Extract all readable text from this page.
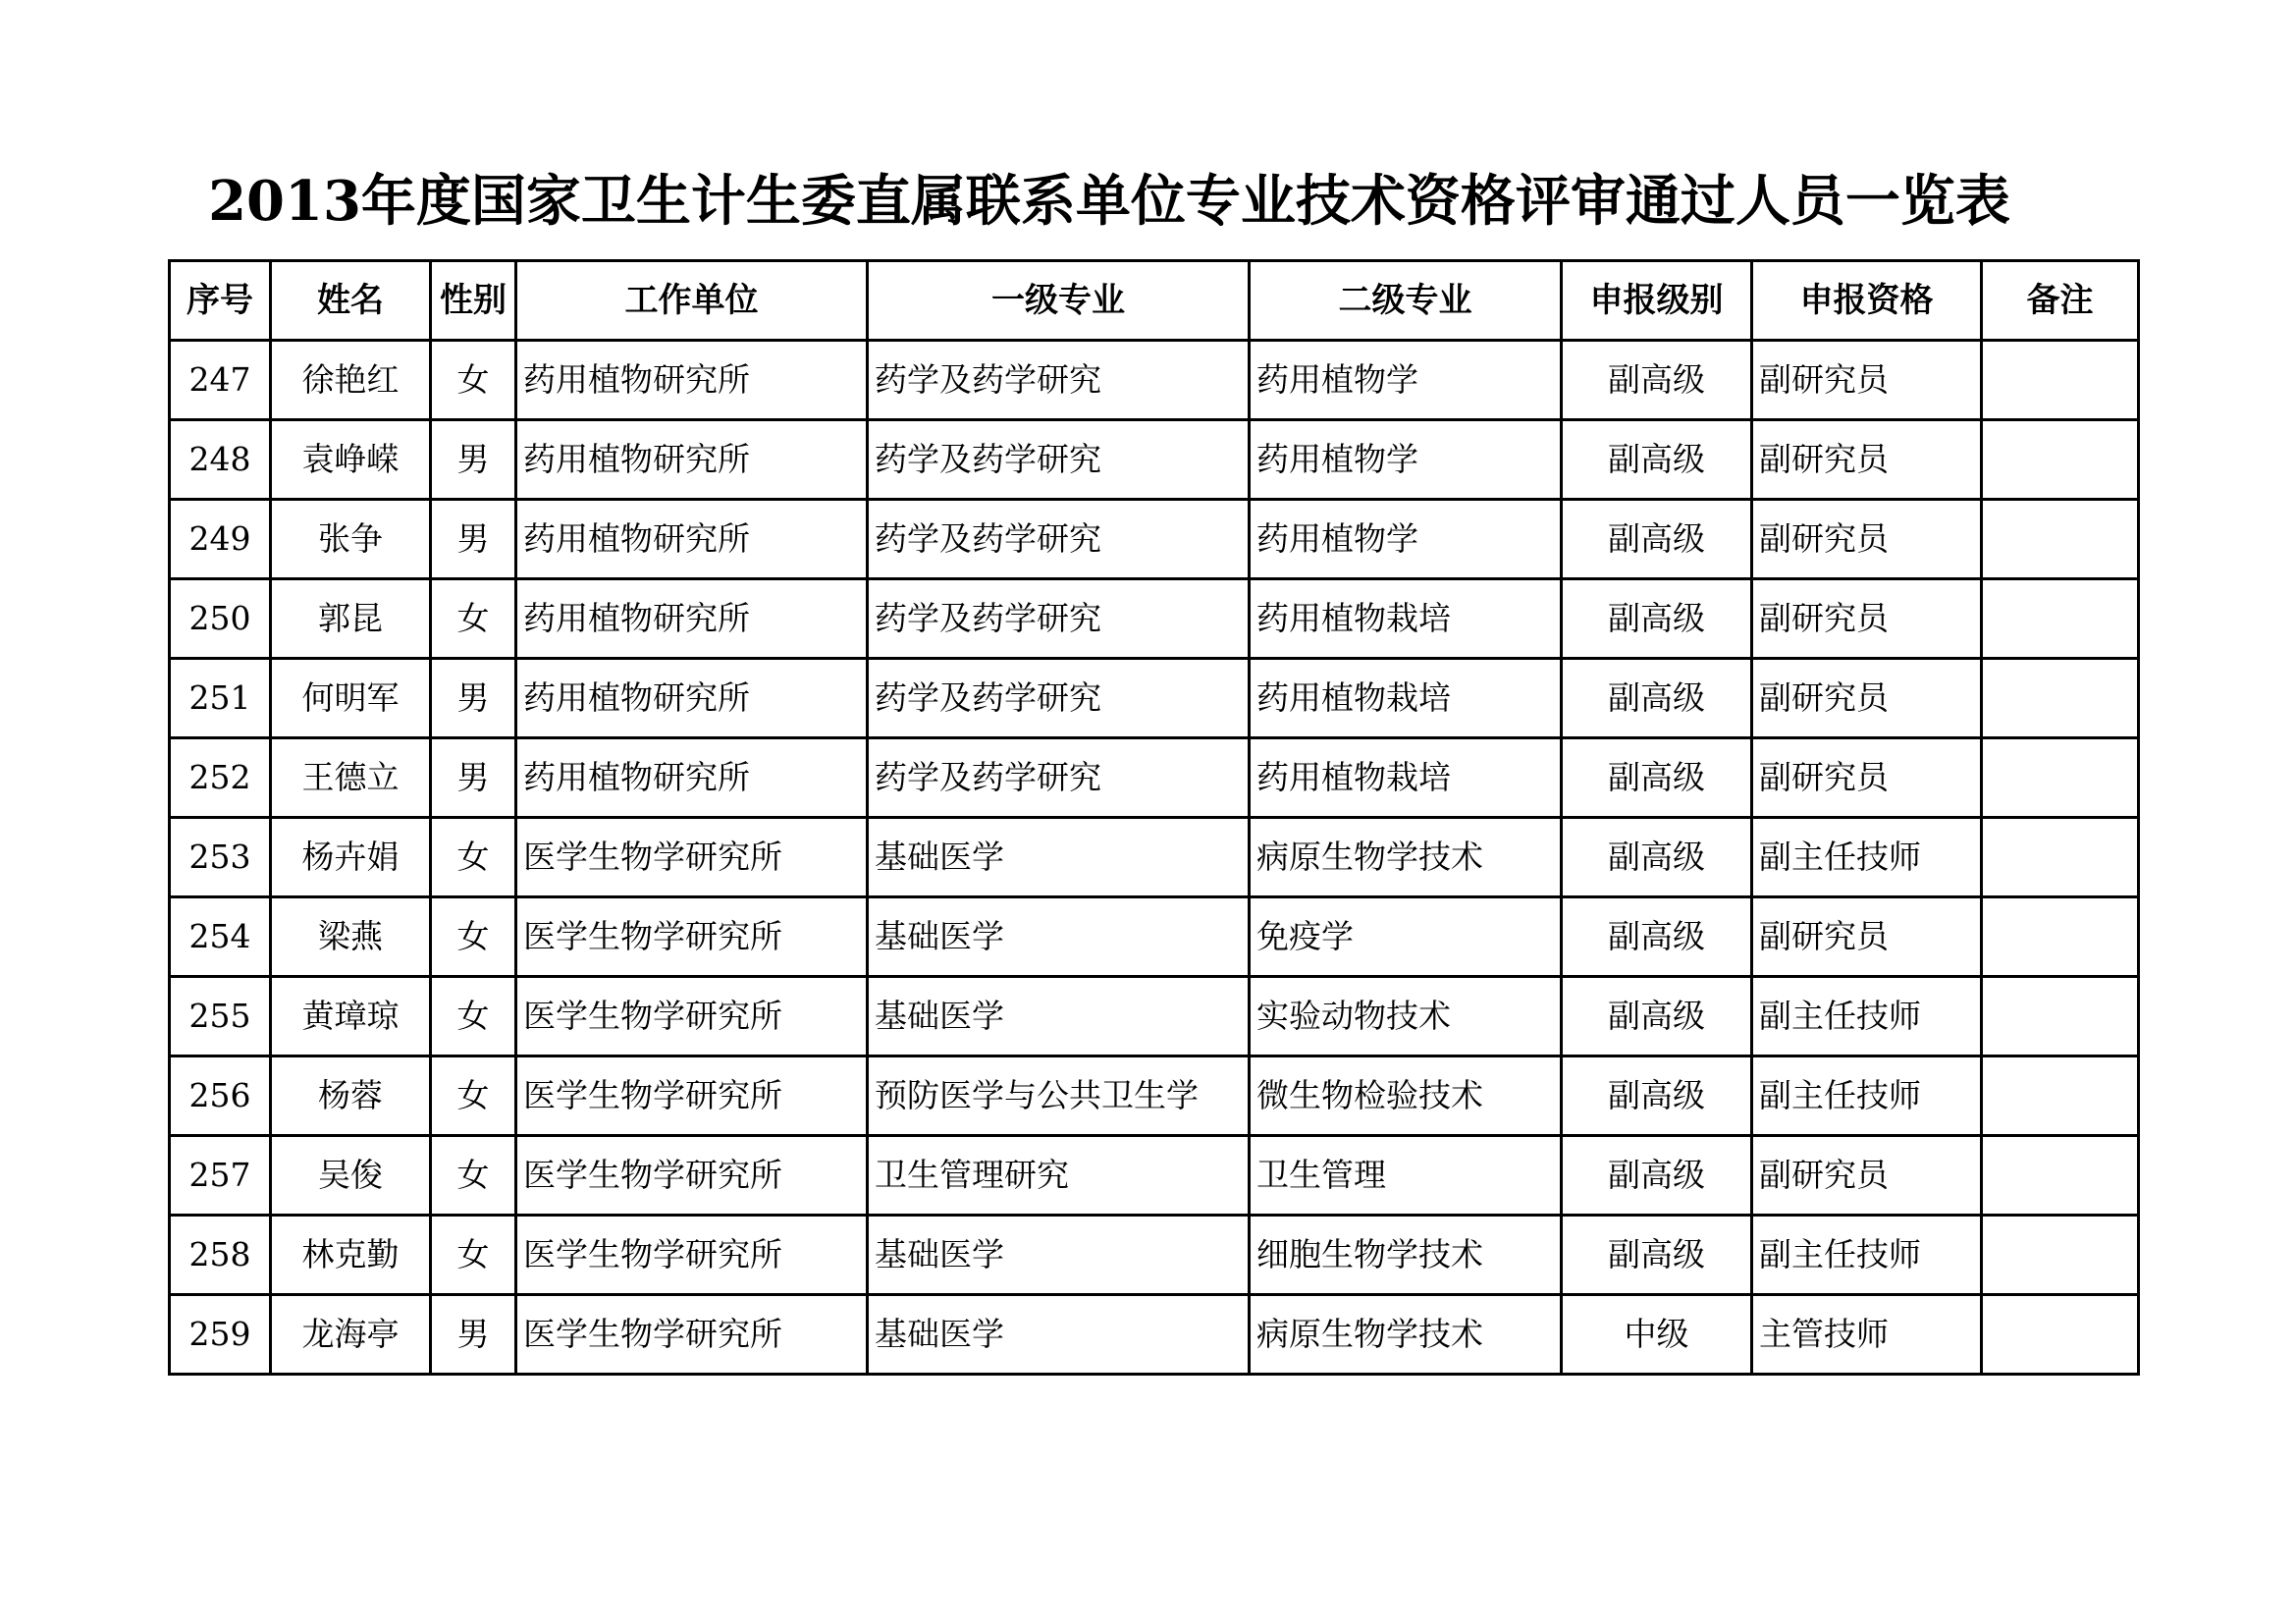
2013年度国家卫生计生委直属联系单位专业技术资格评审通过人员一览表
序号	姓名	性别	工作单位	一级专业	二级专业	申报级别	申报资格	备注
247	徐艳红	女	药用植物研究所	药学及药学研究	药用植物学	副高级	副研究员	
248	袁峥嵘	男	药用植物研究所	药学及药学研究	药用植物学	副高级	副研究员	
249	张争	男	药用植物研究所	药学及药学研究	药用植物学	副高级	副研究员	
250	郭昆	女	药用植物研究所	药学及药学研究	药用植物栽培	副高级	副研究员	
251	何明军	男	药用植物研究所	药学及药学研究	药用植物栽培	副高级	副研究员	
252	王德立	男	药用植物研究所	药学及药学研究	药用植物栽培	副高级	副研究员	
253	杨卉娟	女	医学生物学研究所	基础医学	病原生物学技术	副高级	副主任技师	
254	梁燕	女	医学生物学研究所	基础医学	免疫学	副高级	副研究员	
255	黄璋琼	女	医学生物学研究所	基础医学	实验动物技术	副高级	副主任技师	
256	杨蓉	女	医学生物学研究所	预防医学与公共卫生学	微生物检验技术	副高级	副主任技师	
257	吴俊	女	医学生物学研究所	卫生管理研究	卫生管理	副高级	副研究员	
258	林克勤	女	医学生物学研究所	基础医学	细胞生物学技术	副高级	副主任技师	
259	龙海亭	男	医学生物学研究所	基础医学	病原生物学技术	中级	主管技师	
